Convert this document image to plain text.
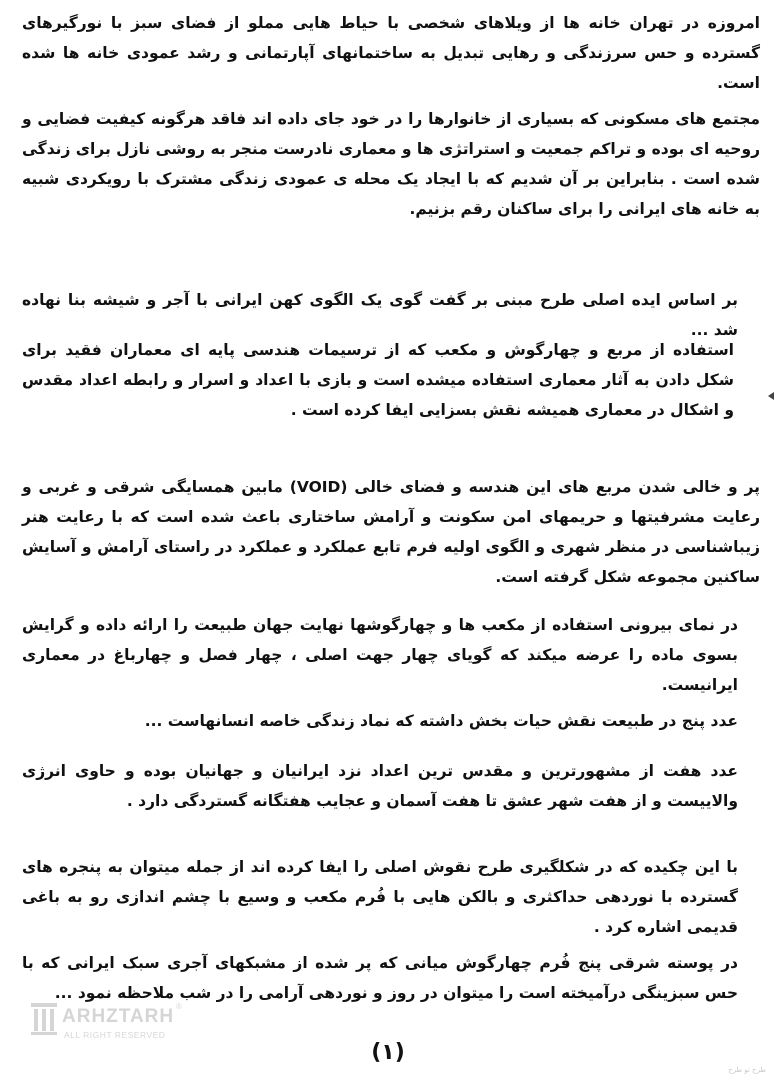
امروزه در تهران خانه ها از ویلاهای شخصی با حیاط هایی مملو از فضای سبز با نورگیرهای گسترده و حس سرزندگی و رهایی تبدیل به ساختمانهای آپارتمانی و رشد عمودی خانه ها شده است.

مجتمع های مسکونی که بسیاری از خانوارها را در خود جای داده اند فاقد هرگونه کیفیت فضایی و روحیه ای بوده و تراکم جمعیت و استراتژی ها و معماری نادرست منجر به روشی نازل برای زندگی شده است . بنابراین بر آن شدیم که با ایجاد یک محله ی عمودی زندگی مشترک با رویکردی شبیه به خانه های ایرانی را برای ساکنان رقم بزنیم.

بر اساس ایده اصلی طرح مبنی بر گفت گوی یک الگوی کهن ایرانی با آجر و شیشه بنا نهاده شد ...

استفاده از مربع و چهارگوش و مکعب که از ترسیمات هندسی پایه ای معماران فقید برای شکل دادن به آثار معماری استفاده میشده است و بازی با اعداد و اسرار و رابطه اعداد مقدس و اشکال در معماری همیشه نقش بسزایی ایفا کرده است .

پر و خالی شدن مربع های این هندسه و فضای خالی (VOID) مابین همسایگی شرقی و غربی و رعایت مشرفیتها و حریمهای امن سکونت و آرامش ساختاری باعث شده است که با رعایت هنر زیباشناسی در منظر شهری و الگوی اولیه فرم تابع عملکرد و عملکرد در راستای آرامش و آسایش ساکنین مجموعه شکل گرفته است.

در نمای بیرونی استفاده از مکعب ها و چهارگوشها نهایت جهان طبیعت را ارائه داده و گرایش بسوی ماده را عرضه میکند که گویای چهار جهت اصلی ، چهار فصل و چهارباغ در معماری ایرانیست.

عدد پنج در طبیعت نقش حیات بخش داشته که نماد زندگی خاصه انسانهاست ...

عدد هفت از مشهورترین و مقدس ترین اعداد نزد ایرانیان و جهانیان بوده و حاوی انرژی والاییست و از هفت شهر عشق تا هفت آسمان و عجایب هفتگانه گستردگی دارد .

با این چکیده که در شکلگیری طرح نقوش اصلی را ایفا کرده اند از جمله میتوان به پنجره های گسترده با نوردهی حداکثری و بالکن هایی با فُرم مکعب و وسیع با چشم اندازی رو به باغی قدیمی اشاره کرد .

در پوسته شرقی پنج فُرم چهارگوش میانی که پر شده از مشبکهای آجری سبک ایرانی که با حس سبزینگی درآمیخته است را میتوان در روز و نوردهی آرامی را در شب ملاحظه نمود ...

(۱)
ARHZTARH ®
ALL RIGHT RESERVED
طرح تو طرح
